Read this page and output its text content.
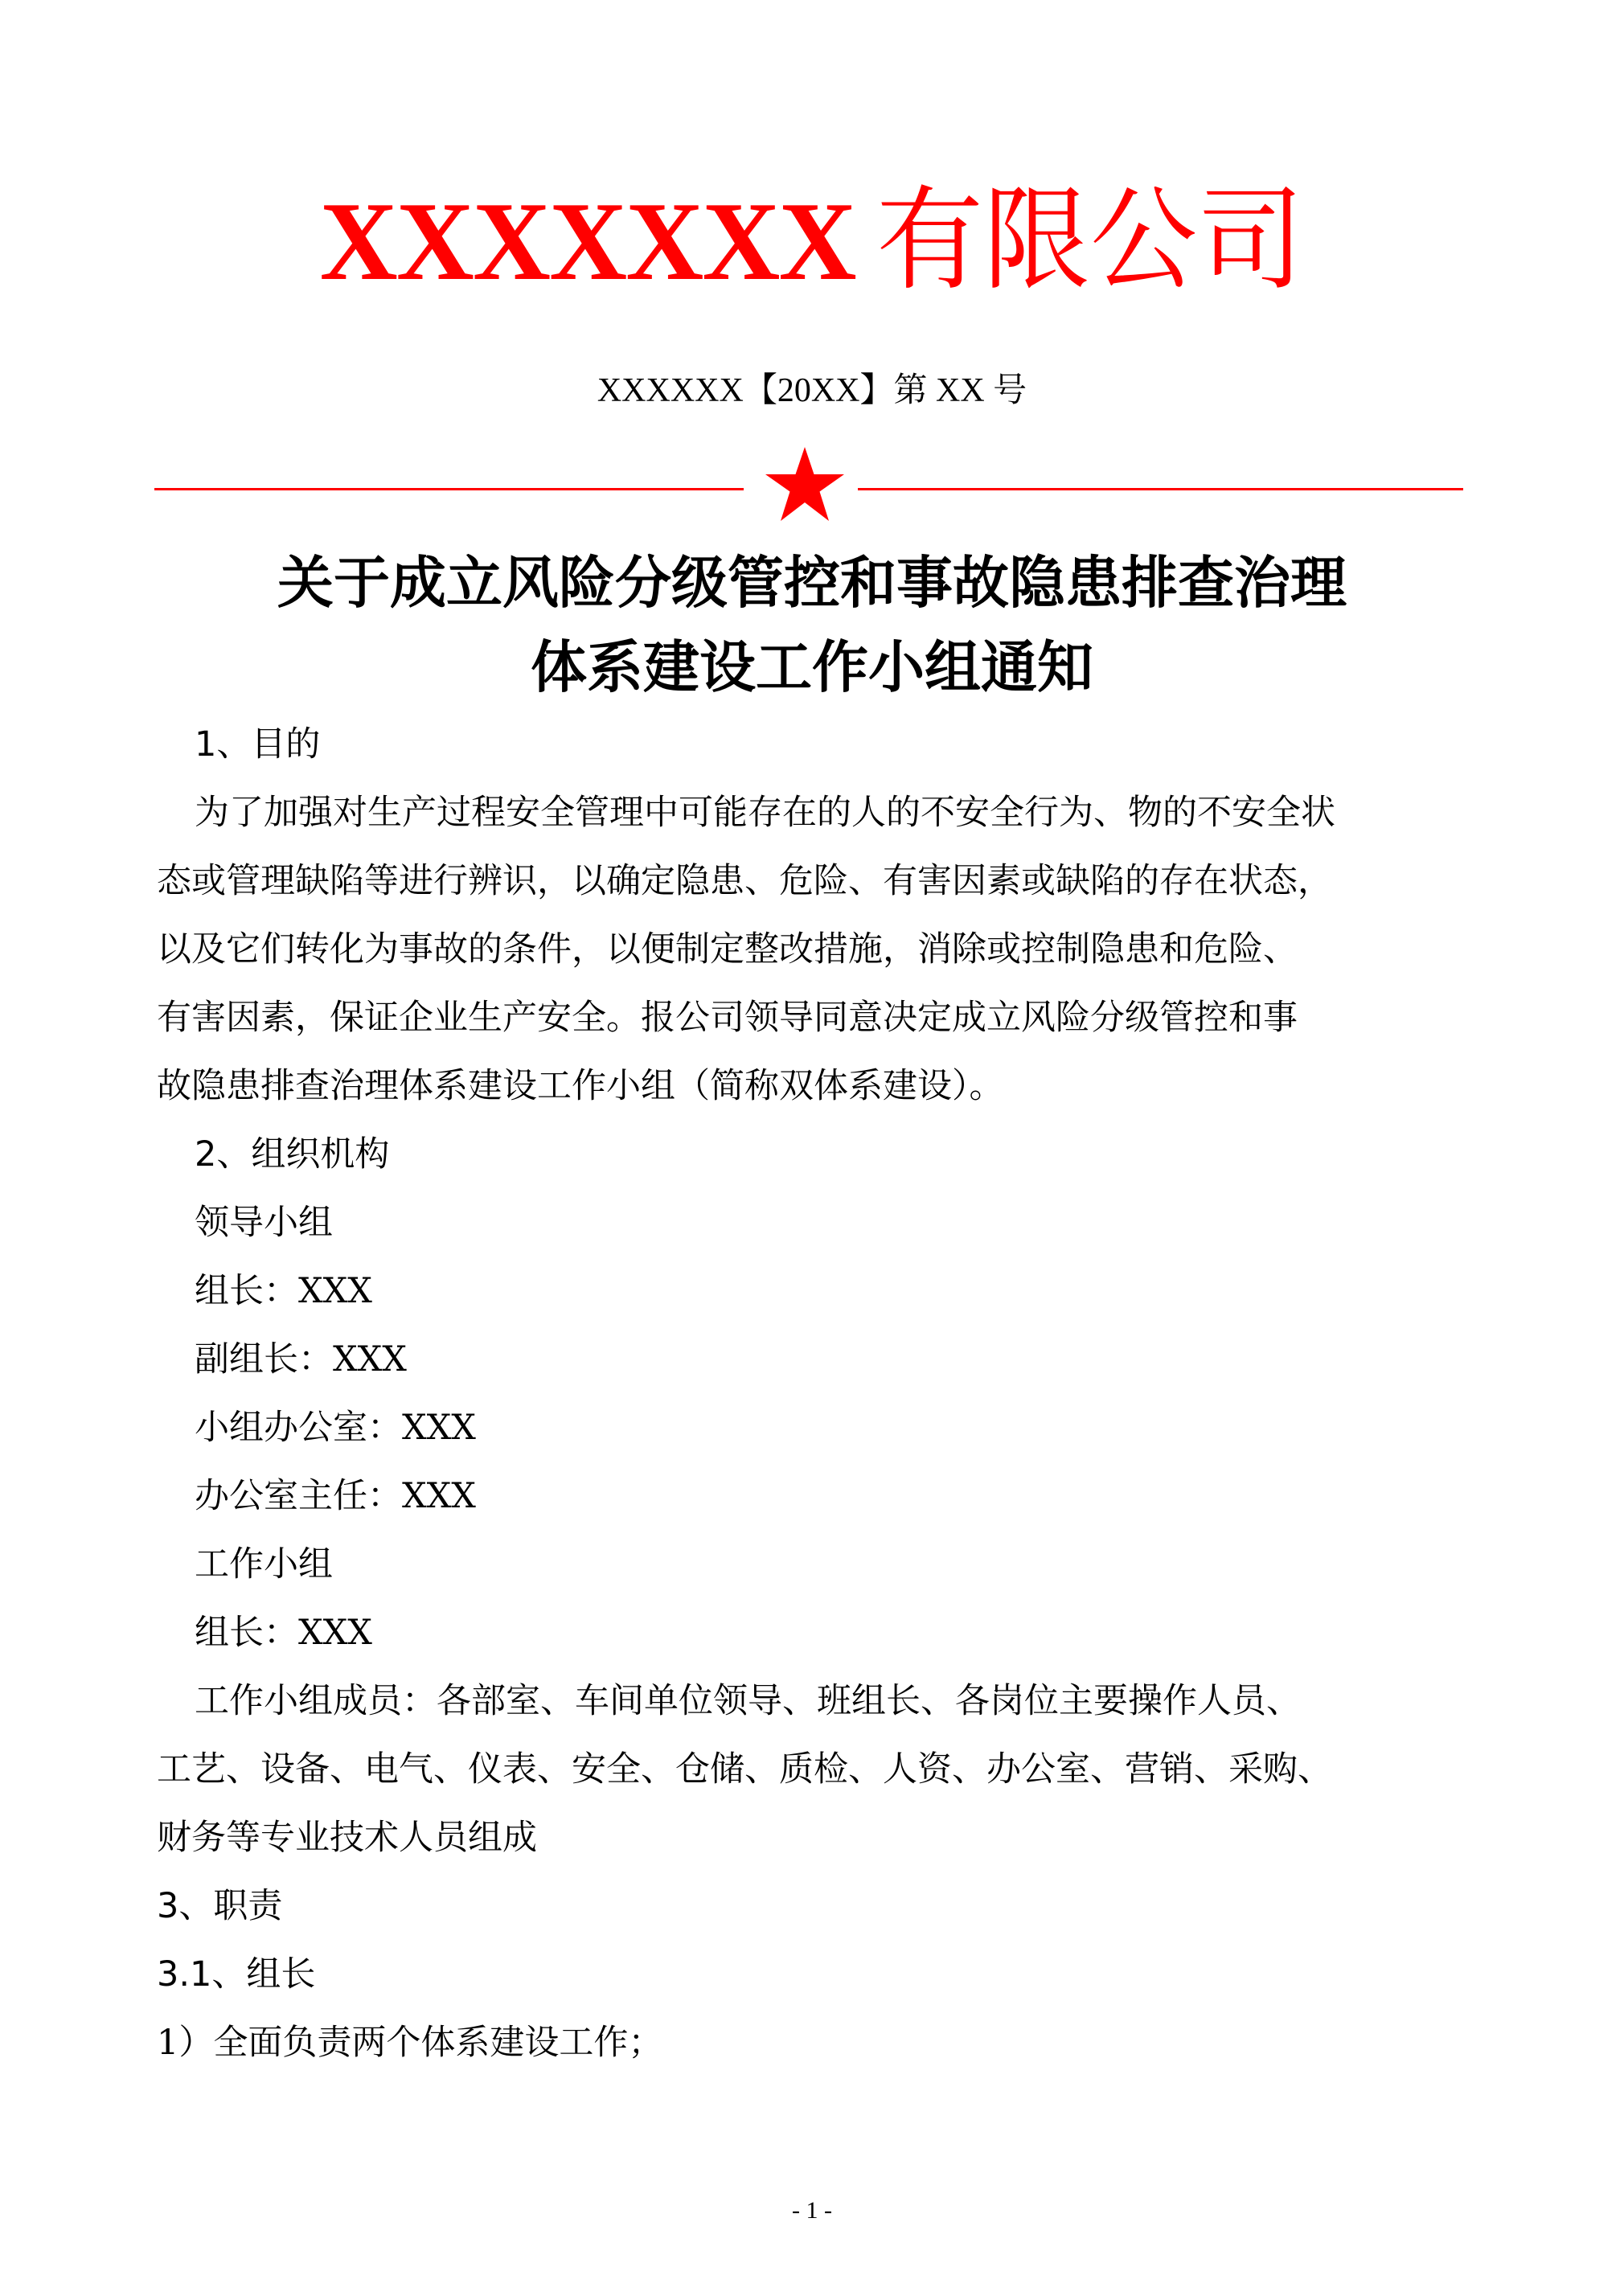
XXXXXXX 有限公司
XXXXXX【20XX】第 XX 号
关于成立风险分级管控和事故隐患排查治理
体系建设工作小组通知
1、目的
为了加强对生产过程安全管理中可能存在的人的不安全行为、物的不安全状
态或管理缺陷等进行辨识，以确定隐患、危险、有害因素或缺陷的存在状态，
以及它们转化为事故的条件，以便制定整改措施，消除或控制隐患和危险、
有害因素，保证企业生产安全。报公司领导同意决定成立风险分级管控和事
故隐患排查治理体系建设工作小组（简称双体系建设）。
2、组织机构
领导小组
组长：XXX
副组长：XXX
小组办公室：XXX
办公室主任：XXX
工作小组
组长：XXX
工作小组成员：各部室、车间单位领导、班组长、各岗位主要操作人员、
工艺、设备、电气、仪表、安全、仓储、质检、人资、办公室、营销、采购、
财务等专业技术人员组成
3、职责
3.1、组长
1）全面负责两个体系建设工作；
- 1 -
